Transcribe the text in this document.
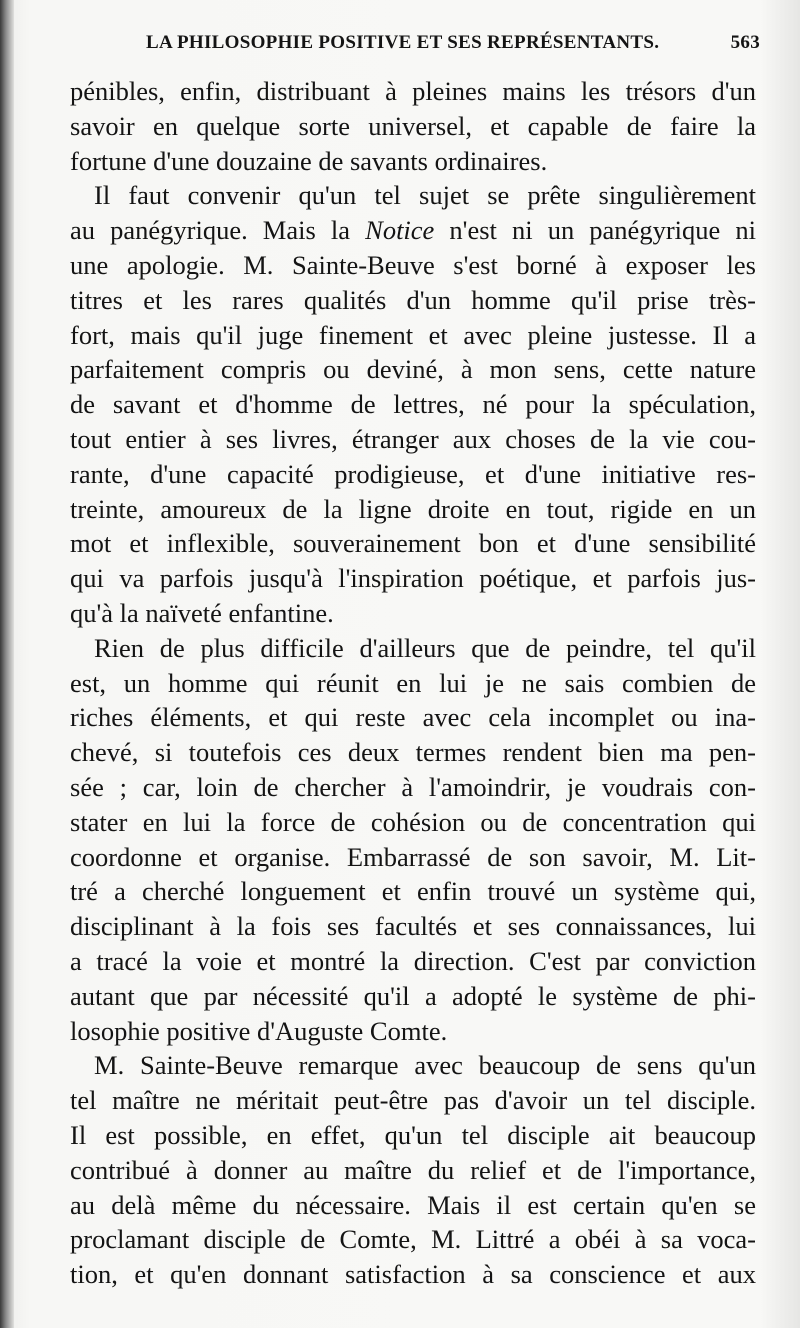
LA PHILOSOPHIE POSITIVE ET SES REPRÉSENTANTS.	563
pénibles, enfin, distribuant à pleines mains les trésors d'un
savoir en quelque sorte universel, et capable de faire la
fortune d'une douzaine de savants ordinaires.
Il faut convenir qu'un tel sujet se prête singulièrement
au panégyrique. Mais la Notice n'est ni un panégyrique ni
une apologie. M. Sainte-Beuve s'est borné à exposer les
titres et les rares qualités d'un homme qu'il prise très-
fort, mais qu'il juge finement et avec pleine justesse. Il a
parfaitement compris ou deviné, à mon sens, cette nature
de savant et d'homme de lettres, né pour la spéculation,
tout entier à ses livres, étranger aux choses de la vie cou-
rante, d'une capacité prodigieuse, et d'une initiative res-
treinte, amoureux de la ligne droite en tout, rigide en un
mot et inflexible, souverainement bon et d'une sensibilité
qui va parfois jusqu'à l'inspiration poétique, et parfois jus-
qu'à la naïveté enfantine.
Rien de plus difficile d'ailleurs que de peindre, tel qu'il
est, un homme qui réunit en lui je ne sais combien de
riches éléments, et qui reste avec cela incomplet ou ina-
chevé, si toutefois ces deux termes rendent bien ma pen-
sée ; car, loin de chercher à l'amoindrir, je voudrais con-
stater en lui la force de cohésion ou de concentration qui
coordonne et organise. Embarrassé de son savoir, M. Lit-
tré a cherché longuement et enfin trouvé un système qui,
disciplinant à la fois ses facultés et ses connaissances, lui
a tracé la voie et montré la direction. C'est par conviction
autant que par nécessité qu'il a adopté le système de phi-
losophie positive d'Auguste Comte.
M. Sainte-Beuve remarque avec beaucoup de sens qu'un
tel maître ne méritait peut-être pas d'avoir un tel disciple.
Il est possible, en effet, qu'un tel disciple ait beaucoup
contribué à donner au maître du relief et de l'importance,
au delà même du nécessaire. Mais il est certain qu'en se
proclamant disciple de Comte, M. Littré a obéi à sa voca-
tion, et qu'en donnant satisfaction à sa conscience et aux
